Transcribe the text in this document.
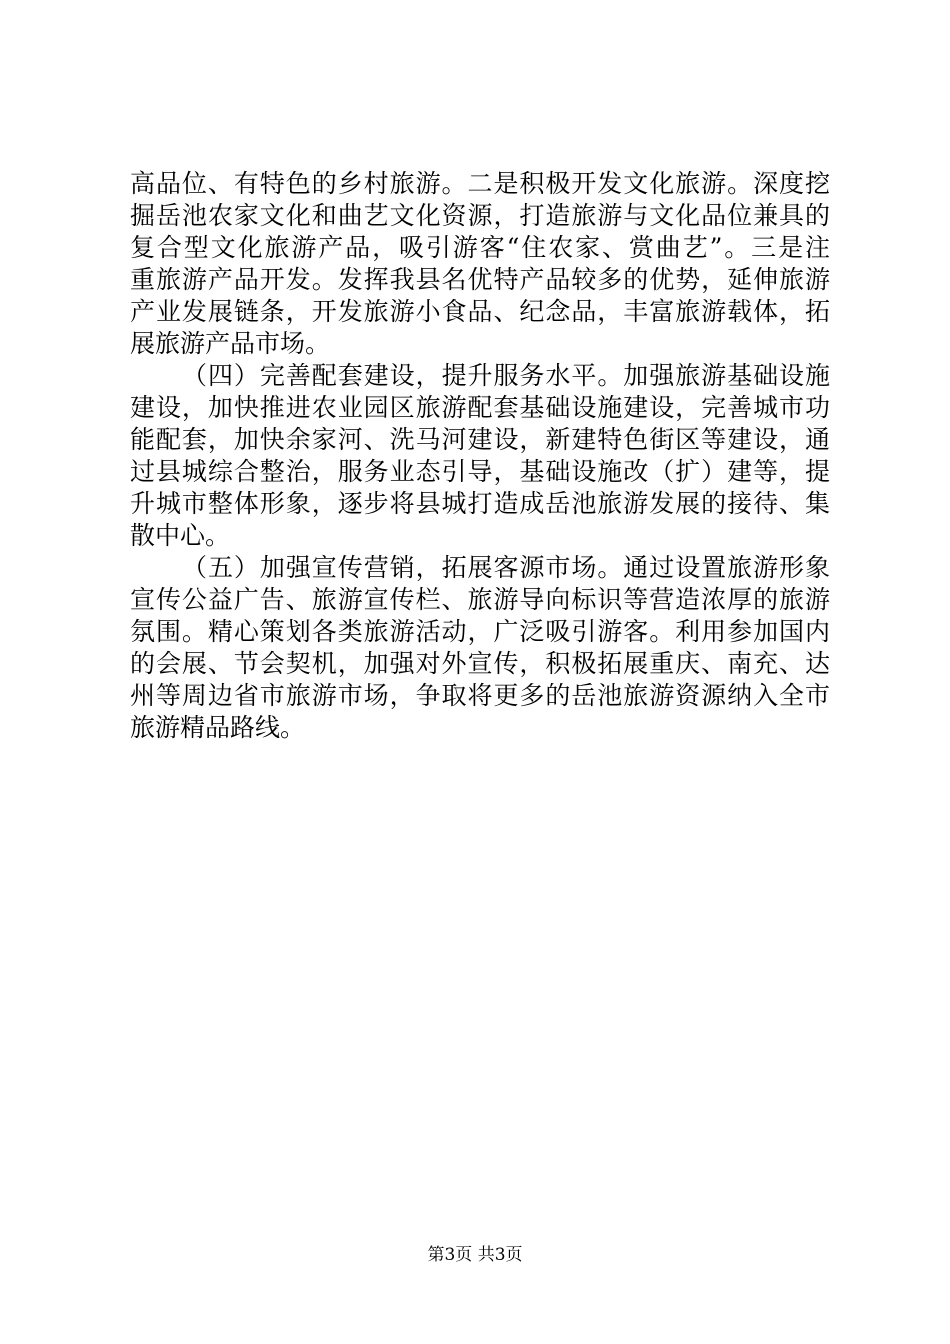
高品位、有特色的乡村旅游。二是积极开发文化旅游。深度挖
掘岳池农家文化和曲艺文化资源，打造旅游与文化品位兼具的
复合型文化旅游产品，吸引游客“住农家、赏曲艺”。三是注
重旅游产品开发。发挥我县名优特产品较多的优势，延伸旅游
产业发展链条，开发旅游小食品、纪念品，丰富旅游载体，拓
展旅游产品市场。
（四）完善配套建设，提升服务水平。加强旅游基础设施
建设，加快推进农业园区旅游配套基础设施建设，完善城市功
能配套，加快余家河、洗马河建设，新建特色街区等建设，通
过县城综合整治，服务业态引导，基础设施改（扩）建等，提
升城市整体形象，逐步将县城打造成岳池旅游发展的接待、集
散中心。
（五）加强宣传营销，拓展客源市场。通过设置旅游形象
宣传公益广告、旅游宣传栏、旅游导向标识等营造浓厚的旅游
氛围。精心策划各类旅游活动，广泛吸引游客。利用参加国内
的会展、节会契机，加强对外宣传，积极拓展重庆、南充、达
州等周边省市旅游市场，争取将更多的岳池旅游资源纳入全市
旅游精品路线。
第3页 共3页
